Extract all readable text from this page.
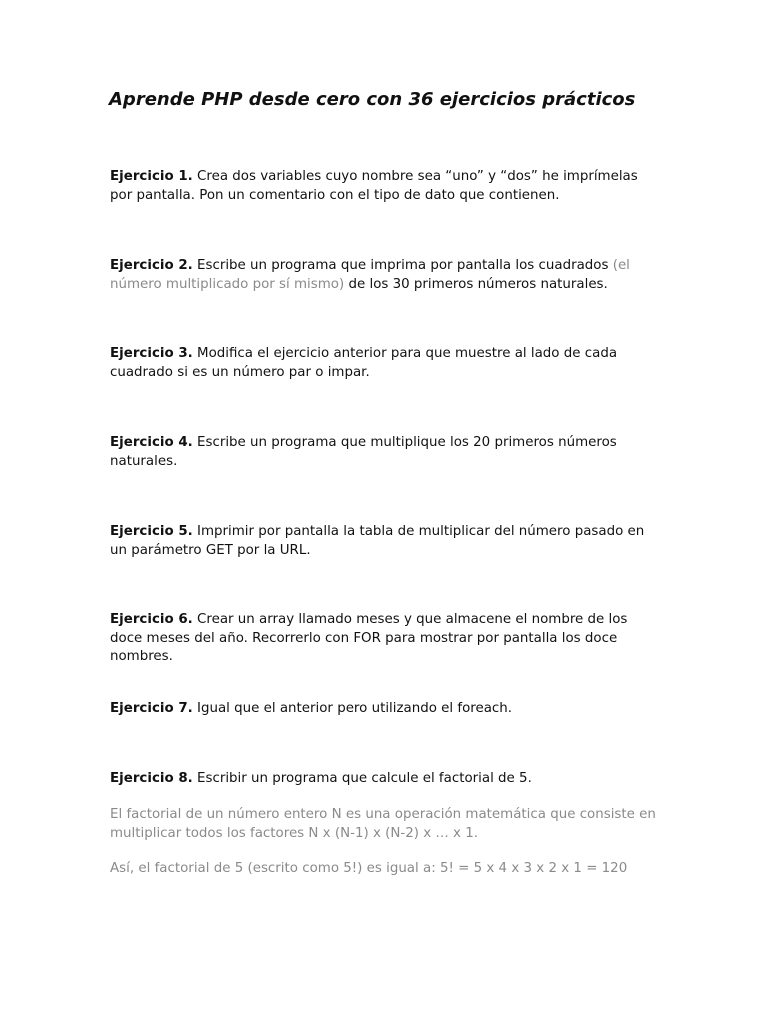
Aprende PHP desde cero con 36 ejercicios prácticos

Ejercicio 1. Crea dos variables cuyo nombre sea “uno” y “dos” he imprímelas por pantalla. Pon un comentario con el tipo de dato que contienen.

Ejercicio 2. Escribe un programa que imprima por pantalla los cuadrados (el número multiplicado por sí mismo) de los 30 primeros números naturales.

Ejercicio 3. Modifica el ejercicio anterior para que muestre al lado de cada cuadrado si es un número par o impar.

Ejercicio 4. Escribe un programa que multiplique los 20 primeros números naturales.

Ejercicio 5. Imprimir por pantalla la tabla de multiplicar del número pasado en un parámetro GET por la URL.

Ejercicio 6. Crear un array llamado meses y que almacene el nombre de los doce meses del año. Recorrerlo con FOR para mostrar por pantalla los doce nombres.

Ejercicio 7. Igual que el anterior pero utilizando el foreach.

Ejercicio 8. Escribir un programa que calcule el factorial de 5.

El factorial de un número entero N es una operación matemática que consiste en multiplicar todos los factores N x (N-1) x (N-2) x … x 1.

Así, el factorial de 5 (escrito como 5!) es igual a: 5! = 5 x 4 x 3 x 2 x 1 = 120
